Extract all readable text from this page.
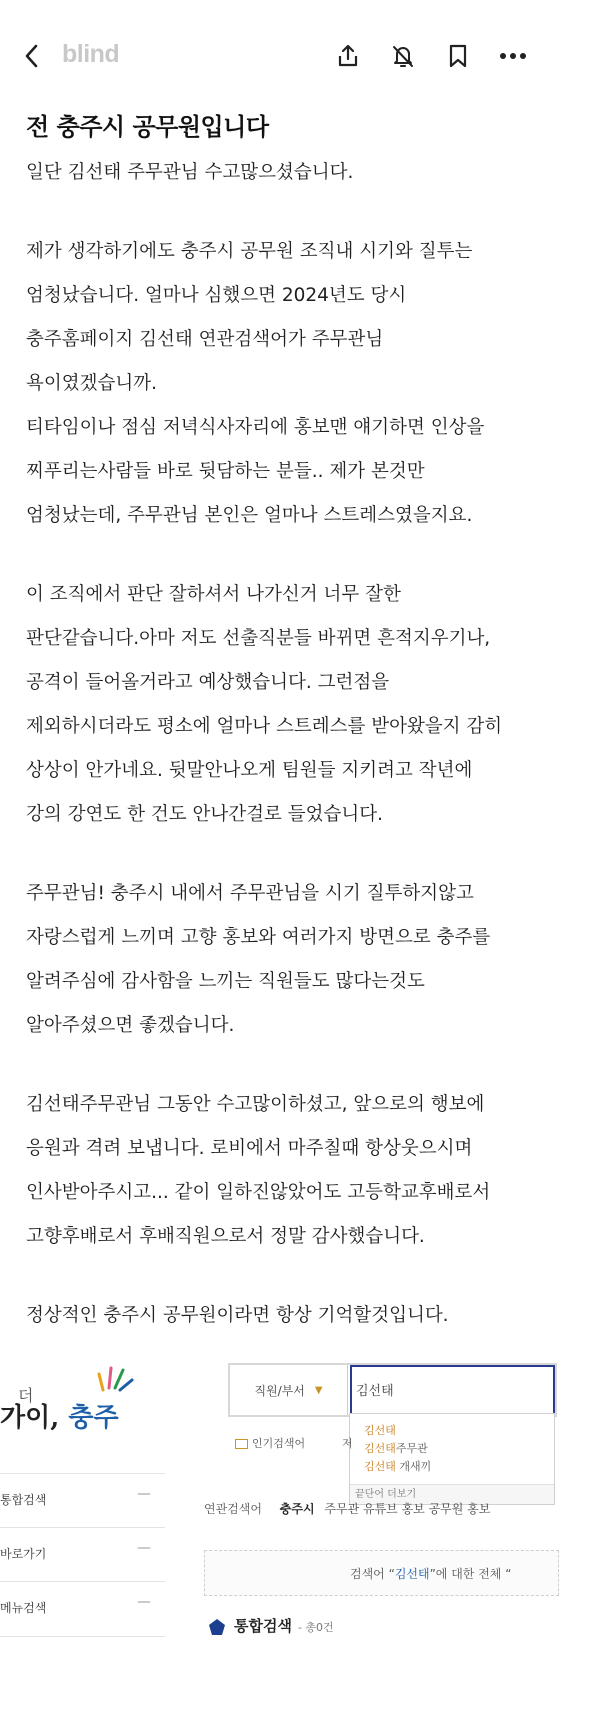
blind
전 충주시 공무원입니다
일단 김선태 주무관님 수고많으셨습니다.
제가 생각하기에도 충주시 공무원 조직내 시기와 질투는
엄청났습니다. 얼마나 심했으면 2024년도 당시
충주홈페이지 김선태 연관검색어가 주무관님
욕이였겠습니까.
티타임이나 점심 저녁식사자리에 홍보맨 얘기하면 인상을
찌푸리는사람들 바로 뒷담하는 분들.. 제가 본것만
엄청났는데, 주무관님 본인은 얼마나 스트레스였을지요.
이 조직에서 판단 잘하셔서 나가신거 너무 잘한
판단같습니다.아마 저도 선출직분들 바뀌면 흔적지우기나,
공격이 들어올거라고 예상했습니다. 그런점을
제외하시더라도 평소에 얼마나 스트레스를 받아왔을지 감히
상상이 안가네요. 뒷말안나오게 팀원들 지키려고 작년에
강의 강연도 한 건도 안나간걸로 들었습니다.
주무관님! 충주시 내에서 주무관님을 시기 질투하지않고
자랑스럽게 느끼며 고향 홍보와 여러가지 방면으로 충주를
알려주심에 감사함을 느끼는 직원들도 많다는것도
알아주셨으면 좋겠습니다.
김선태주무관님 그동안 수고많이하셨고, 앞으로의 행보에
응원과 격려 보냅니다. 로비에서 마주칠때 항상웃으시며
인사받아주시고... 같이 일하진않았어도 고등학교후배로서
고향후배로서 후배직원으로서 정말 감사했습니다.
정상적인 충주시 공무원이라면 항상 기억할것입니다.
더
가이, 충주
직원/부서 ▼	김선태
김선태
김선태주무관
김선태 개새끼
끝단어 더보기
인기검색어	저
통합검색	—
바로가기	—
메뉴검색	—
연관검색어 충주시 주무관 유튜브 홍보 공무원 홍보
검색어 “김선태”에 대한 전체 “
통합검색 - 총0건
